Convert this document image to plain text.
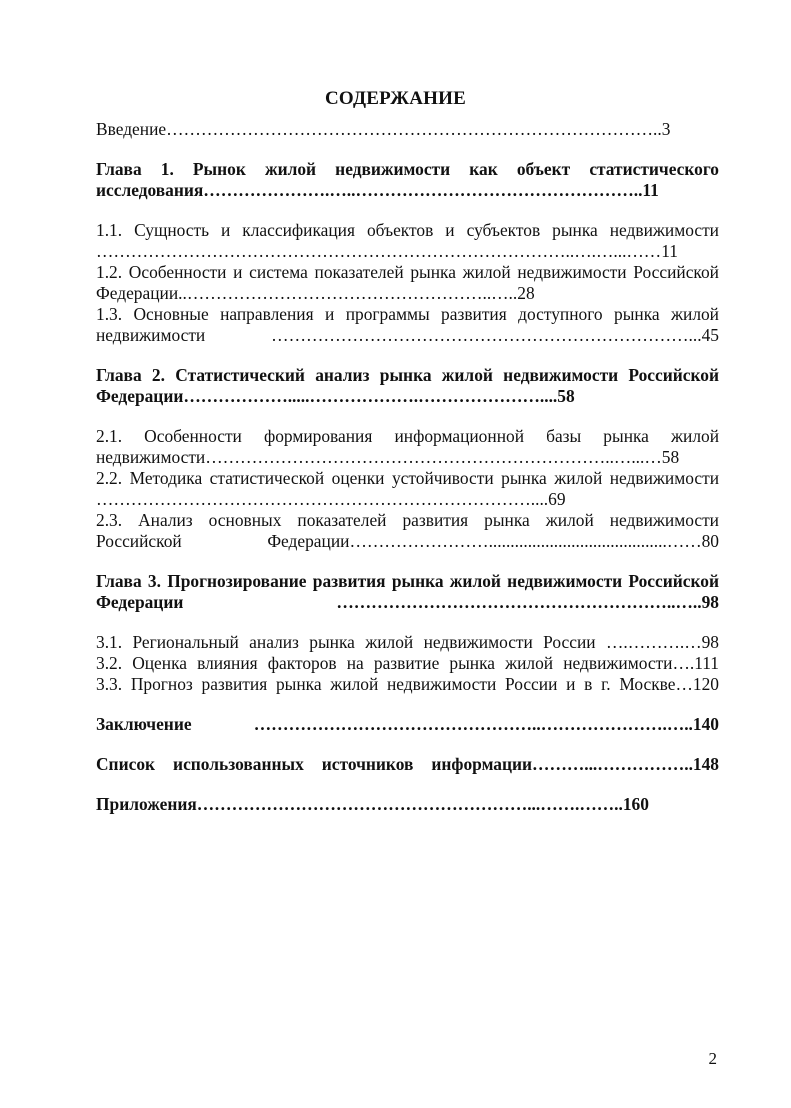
СОДЕРЖАНИЕ

Введение…………………………………………………………………………..3

Глава 1. Рынок жилой недвижимости как объект статистического исследования………………….…..…………………………………………..11

1.1. Сущность и классификация объектов и субъектов рынка недвижимости ………………………………………………………………………..….…...……11

1.2. Особенности и система показателей рынка жилой недвижимости Российской Федерации..……………………………………………..…..28

1.3. Основные направления и программы развития доступного рынка жилой недвижимости ………………………………………………………………...45

Глава 2. Статистический анализ рынка жилой недвижимости Российской Федерации……………….....……………….…………………....58

2.1. Особенности формирования информационной базы рынка жилой недвижимости……………………………………………………………..…...…58

2.2. Методика статистической оценки устойчивости рынка жилой недвижимости …………………………………………………………………....69

2.3. Анализ основных показателей развития рынка жилой недвижимости Российской Федерации…………………….........................................……80

Глава 3. Прогнозирование развития рынка жилой недвижимости Российской Федерации …………………………………………………..…..98

3.1. Региональный анализ рынка жилой недвижимости России ….……….…98

3.2. Оценка влияния факторов на развитие рынка жилой недвижимости….111

3.3. Прогноз развития рынка жилой недвижимости России и в г. Москве…120

Заключение …………………………………………..………………….…..140

Список использованных источников информации………...……………..148

Приложения…………………………………………………...…….……..160

2
